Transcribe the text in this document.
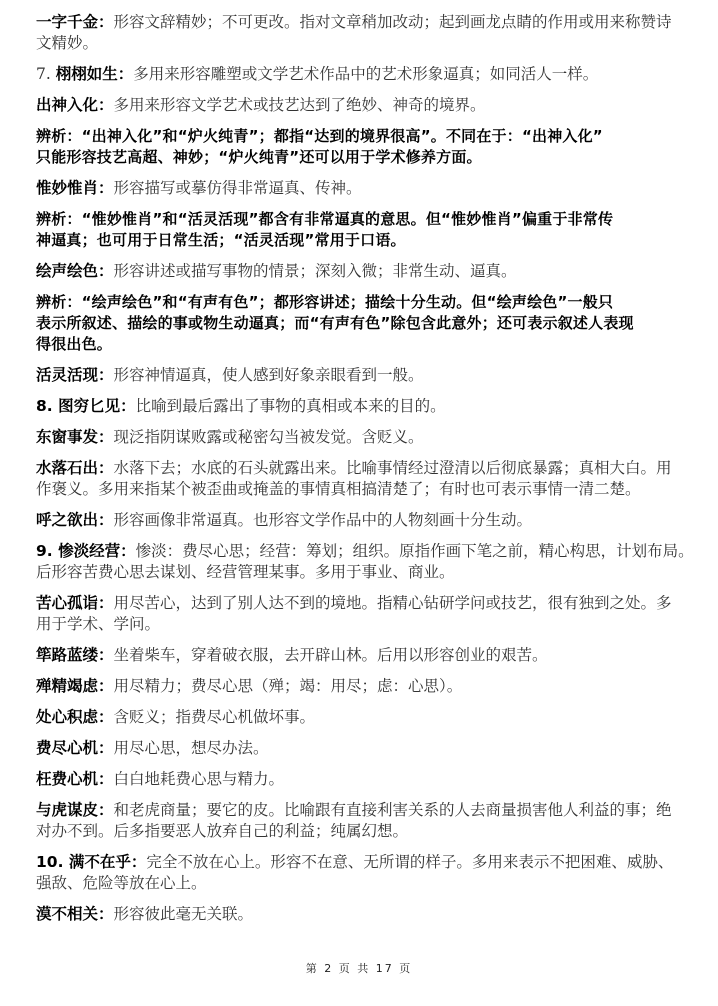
一字千金：形容文辞精妙；不可更改。指对文章稍加改动；起到画龙点睛的作用或用来称赞诗
文精妙。
7. 栩栩如生：多用来形容雕塑或文学艺术作品中的艺术形象逼真；如同活人一样。
出神入化：多用来形容文学艺术或技艺达到了绝妙、神奇的境界。
辨析：“出神入化”和“炉火纯青”；都指“达到的境界很高”。不同在于：“出神入化”
只能形容技艺高超、神妙；“炉火纯青”还可以用于学术修养方面。
惟妙惟肖：形容描写或摹仿得非常逼真、传神。
辨析：“惟妙惟肖”和“活灵活现”都含有非常逼真的意思。但“惟妙惟肖”偏重于非常传
神逼真；也可用于日常生活；“活灵活现”常用于口语。
绘声绘色：形容讲述或描写事物的情景；深刻入微；非常生动、逼真。
辨析：“绘声绘色”和“有声有色”；都形容讲述；描绘十分生动。但“绘声绘色”一般只
表示所叙述、描绘的事或物生动逼真；而“有声有色”除包含此意外；还可表示叙述人表现
得很出色。
活灵活现：形容神情逼真，使人感到好象亲眼看到一般。
8. 图穷匕见：比喻到最后露出了事物的真相或本来的目的。
东窗事发：现泛指阴谋败露或秘密勾当被发觉。含贬义。
水落石出：水落下去；水底的石头就露出来。比喻事情经过澄清以后彻底暴露；真相大白。用
作褒义。多用来指某个被歪曲或掩盖的事情真相搞清楚了；有时也可表示事情一清二楚。
呼之欲出：形容画像非常逼真。也形容文学作品中的人物刻画十分生动。
9. 惨淡经营：惨淡：费尽心思；经营：筹划；组织。原指作画下笔之前，精心构思，计划布局。
后形容苦费心思去谋划、经营管理某事。多用于事业、商业。
苦心孤诣：用尽苦心，达到了别人达不到的境地。指精心钻研学问或技艺，很有独到之处。多
用于学术、学问。
筚路蓝缕：坐着柴车，穿着破衣服，去开辟山林。后用以形容创业的艰苦。
殚精竭虑：用尽精力；费尽心思（殚；竭：用尽；虑：心思）。
处心积虑：含贬义；指费尽心机做坏事。
费尽心机：用尽心思，想尽办法。
枉费心机：白白地耗费心思与精力。
与虎谋皮：和老虎商量；要它的皮。比喻跟有直接利害关系的人去商量损害他人利益的事；绝
对办不到。后多指要恶人放弃自己的利益；纯属幻想。
10. 满不在乎：完全不放在心上。形容不在意、无所谓的样子。多用来表示不把困难、威胁、
强敌、危险等放在心上。
漠不相关：形容彼此毫无关联。
第 2 页 共 17 页
